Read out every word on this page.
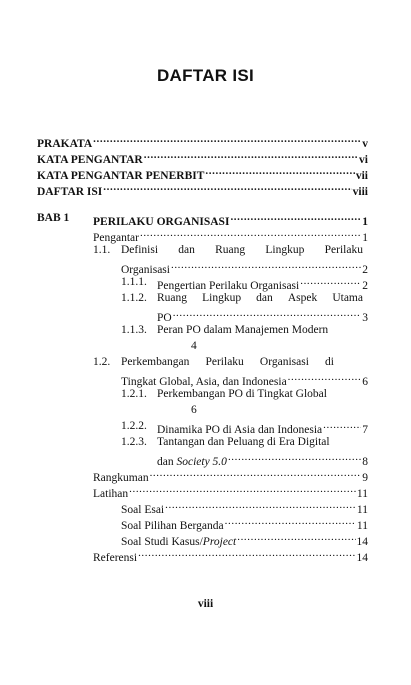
DAFTAR ISI
PRAKATA .....	v
KATA PENGANTAR .....	vi
KATA PENGANTAR PENERBIT .....	vii
DAFTAR ISI .....	viii
BAB 1 PERILAKU ORGANISASI .....	1
Pengantar .....	1
1.1. Definisi dan Ruang Lingkup Perilaku
Organisasi .....	2
1.1.1. Pengertian Perilaku Organisasi .....	2
1.1.2. Ruang Lingkup dan Aspek Utama
PO .....	3
1.1.3. Peran PO dalam Manajemen Modern
4
1.2. Perkembangan Perilaku Organisasi di
Tingkat Global, Asia, dan Indonesia .....	6
1.2.1. Perkembangan PO di Tingkat Global
6
1.2.2. Dinamika PO di Asia dan Indonesia .....	7
1.2.3. Tantangan dan Peluang di Era Digital
dan Society 5.0 .....	8
Rangkuman .....	9
Latihan .....	11
Soal Esai .....	11
Soal Pilihan Berganda .....	11
Soal Studi Kasus/Project .....	14
Referensi .....	14
viii
